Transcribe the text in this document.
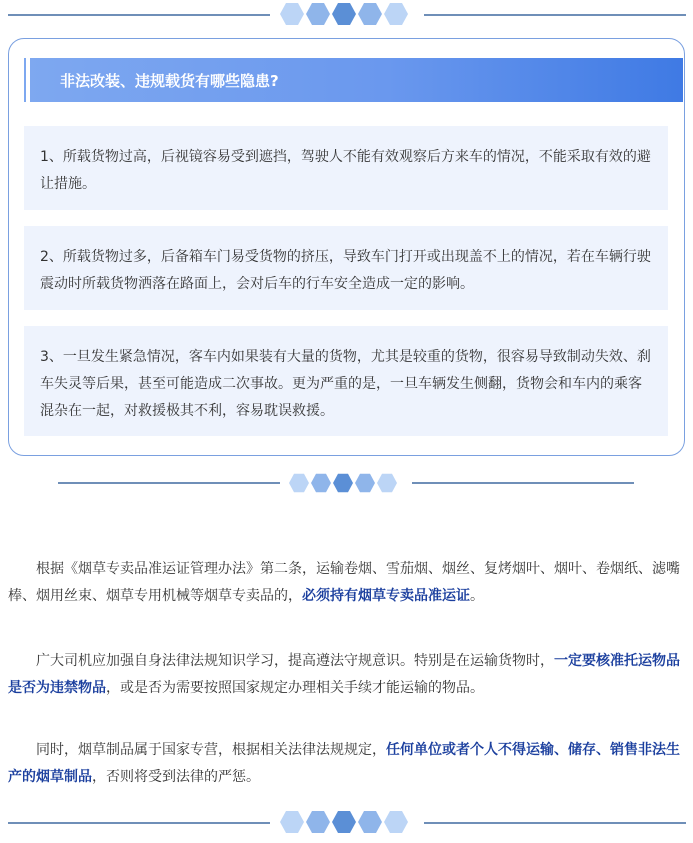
非法改装、违规载货有哪些隐患?
1、所载货物过高，后视镜容易受到遮挡，驾驶人不能有效观察后方来车的情况，不能采取有效的避让措施。
2、所载货物过多，后备箱车门易受货物的挤压，导致车门打开或出现盖不上的情况，若在车辆行驶震动时所载货物洒落在路面上，会对后车的行车安全造成一定的影响。
3、一旦发生紧急情况，客车内如果装有大量的货物，尤其是较重的货物，很容易导致制动失效、刹车失灵等后果，甚至可能造成二次事故。更为严重的是，一旦车辆发生侧翻，货物会和车内的乘客混杂在一起，对救援极其不利，容易耽误救援。

根据《烟草专卖品准运证管理办法》第二条，运输卷烟、雪茄烟、烟丝、复烤烟叶、烟叶、卷烟纸、滤嘴棒、烟用丝束、烟草专用机械等烟草专卖品的，必须持有烟草专卖品准运证。

广大司机应加强自身法律法规知识学习，提高遵法守规意识。特别是在运输货物时，一定要核准托运物品是否为违禁物品，或是否为需要按照国家规定办理相关手续才能运输的物品。

同时，烟草制品属于国家专营，根据相关法律法规规定，任何单位或者个人不得运输、储存、销售非法生产的烟草制品，否则将受到法律的严惩。
